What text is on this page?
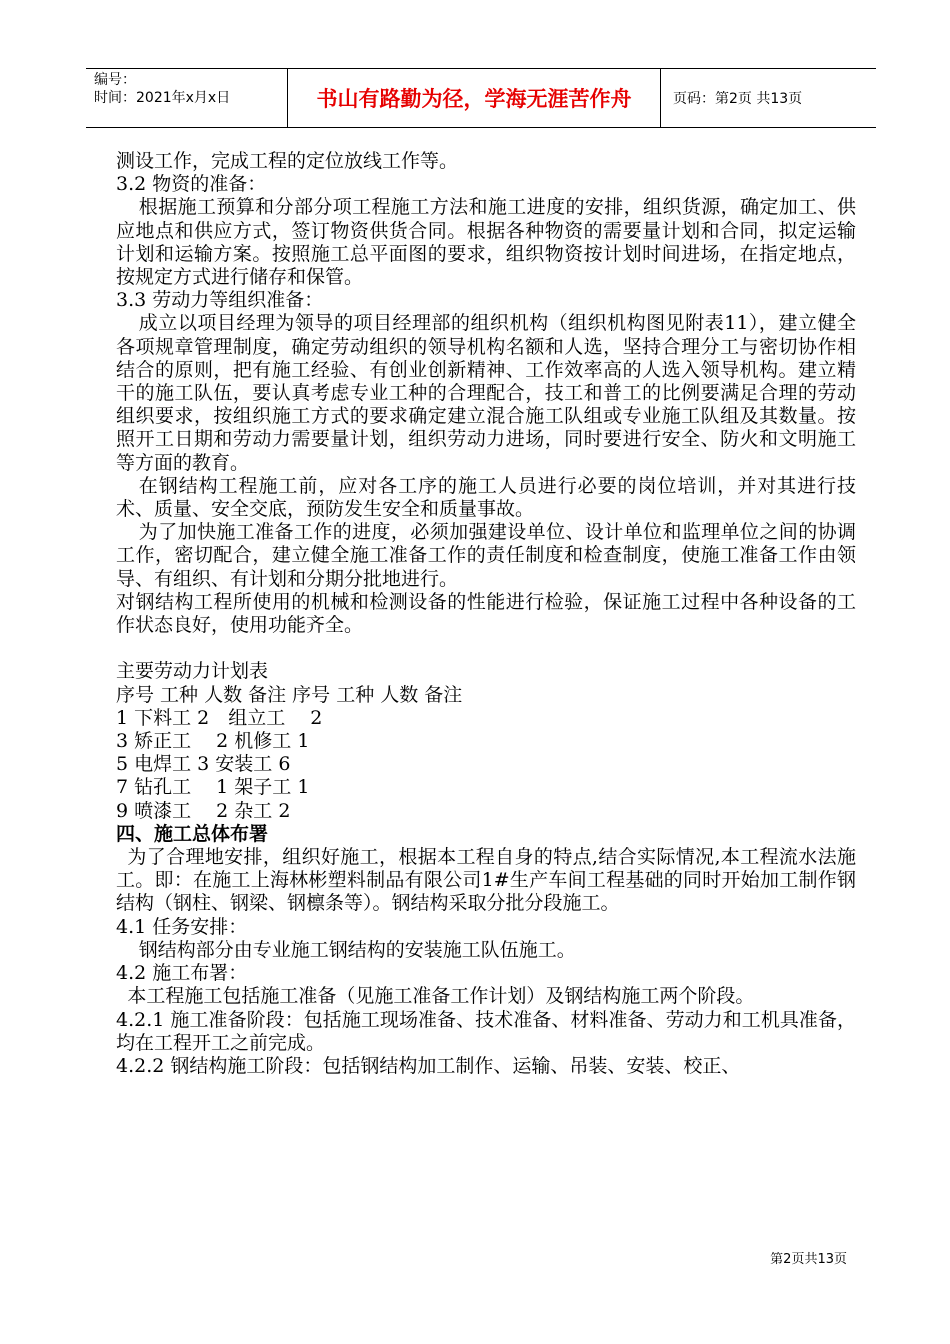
编号：
时间：2021年x月x日	书山有路勤为径，学海无涯苦作舟	页码：第2页 共13页

测设工作，完成工程的定位放线工作等。

3.2 物资的准备：

根据施工预算和分部分项工程施工方法和施工进度的安排，组织货源，确定加工、供应地点和供应方式，签订物资供货合同。根据各种物资的需要量计划和合同，拟定运输计划和运输方案。按照施工总平面图的要求，组织物资按计划时间进场，在指定地点，按规定方式进行储存和保管。

3.3 劳动力等组织准备：

成立以项目经理为领导的项目经理部的组织机构（组织机构图见附表11），建立健全各项规章管理制度，确定劳动组织的领导机构名额和人选，坚持合理分工与密切协作相结合的原则，把有施工经验、有创业创新精神、工作效率高的人选入领导机构。建立精干的施工队伍，要认真考虑专业工种的合理配合，技工和普工的比例要满足合理的劳动组织要求，按组织施工方式的要求确定建立混合施工队组或专业施工队组及其数量。按照开工日期和劳动力需要量计划，组织劳动力进场，同时要进行安全、防火和文明施工等方面的教育。

在钢结构工程施工前，应对各工序的施工人员进行必要的岗位培训，并对其进行技术、质量、安全交底，预防发生安全和质量事故。

为了加快施工准备工作的进度，必须加强建设单位、设计单位和监理单位之间的协调工作，密切配合，建立健全施工准备工作的责任制度和检查制度，使施工准备工作由领导、有组织、有计划和分期分批地进行。

对钢结构工程所使用的机械和检测设备的性能进行检验，保证施工过程中各种设备的工作状态良好，使用功能齐全。

主要劳动力计划表

序号 工种 人数 备注 序号 工种 人数 备注

1 下料工 2　组立工　 2

3 矫正工　 2 机修工 1

5 电焊工 3 安装工 6

7 钻孔工　 1 架子工 1

9 喷漆工　 2 杂工 2

四、施工总体布署

为了合理地安排，组织好施工，根据本工程自身的特点,结合实际情况,本工程流水法施工。即：在施工上海林彬塑料制品有限公司1#生产车间工程基础的同时开始加工制作钢结构（钢柱、钢梁、钢檩条等）。钢结构采取分批分段施工。

4.1 任务安排：

钢结构部分由专业施工钢结构的安装施工队伍施工。

4.2 施工布署：

本工程施工包括施工准备（见施工准备工作计划）及钢结构施工两个阶段。

4.2.1 施工准备阶段：包括施工现场准备、技术准备、材料准备、劳动力和工机具准备，均在工程开工之前完成。

4.2.2 钢结构施工阶段：包括钢结构加工制作、运输、吊装、安装、校正、

第2页共13页
